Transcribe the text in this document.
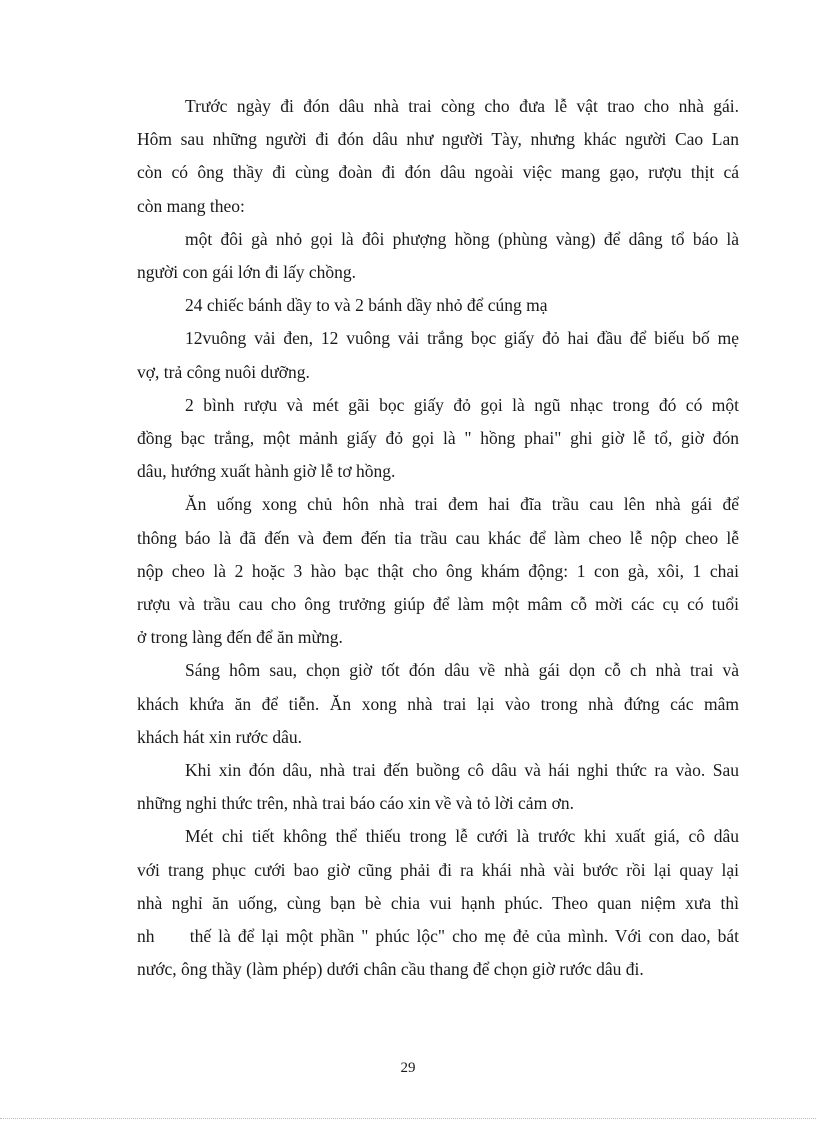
Trước ngày đi đón dâu nhà trai còng cho đưa lễ vật trao cho nhà gái.
Hôm sau những người đi đón dâu như người Tày, nhưng khác người Cao Lan
còn có ông thầy đi cùng đoàn đi đón dâu ngoài việc mang gạo, rượu thịt cá
còn mang theo:

một đôi gà nhỏ gọi là đôi phượng hồng (phùng vàng) để dâng tổ báo là
người con gái lớn đi lấy chồng.

24 chiếc bánh dầy to và 2 bánh dầy nhỏ để cúng mạ

12vuông vải đen, 12 vuông vải trắng bọc giấy đỏ hai đầu để biếu bố mẹ
vợ, trả công nuôi dưỡng.

2 bình rượu và mét gãi bọc giấy đỏ gọi là ngũ nhạc trong đó có một
đồng bạc trắng, một mảnh giấy đỏ gọi là " hồng phai" ghi giờ lễ tổ, giờ đón
dâu, hướng xuất hành giờ lễ tơ hồng.

Ăn uống xong chủ hôn nhà trai đem hai đĩa trầu cau lên nhà gái để
thông báo là đã đến và đem đến tỉa trầu cau khác để làm cheo lễ nộp cheo lễ
nộp cheo là 2 hoặc 3 hào bạc thật cho ông khám động: 1 con gà, xôi, 1 chai
rượu và trầu cau cho ông trưởng giúp để làm một mâm cỗ mời các cụ có tuổi
ở trong làng đến để ăn mừng.

Sáng hôm sau, chọn giờ tốt đón dâu về nhà gái dọn cỗ ch nhà trai và
khách khứa ăn để tiễn. Ăn xong nhà trai lại vào trong nhà đứng các mâm
khách hát xin rước dâu.

Khi xin đón dâu, nhà trai đến buồng cô dâu và hái nghi thức ra vào. Sau
những nghi thức trên, nhà trai báo cáo xin về và tỏ lời cảm ơn.

Mét chi tiết không thể thiếu trong lễ cưới là trước khi xuất giá, cô dâu
với trang phục cưới bao giờ cũng phải đi ra khái nhà vài bước rồi lại quay lại
nhà nghỉ ăn uống, cùng bạn bè chia vui hạnh phúc. Theo quan niệm xưa thì
nh     thế là để lại một phần " phúc lộc" cho mẹ đẻ của mình. Với con dao, bát
nước, ông thầy (làm phép) dưới chân cầu thang để chọn giờ rước dâu đi.

29
